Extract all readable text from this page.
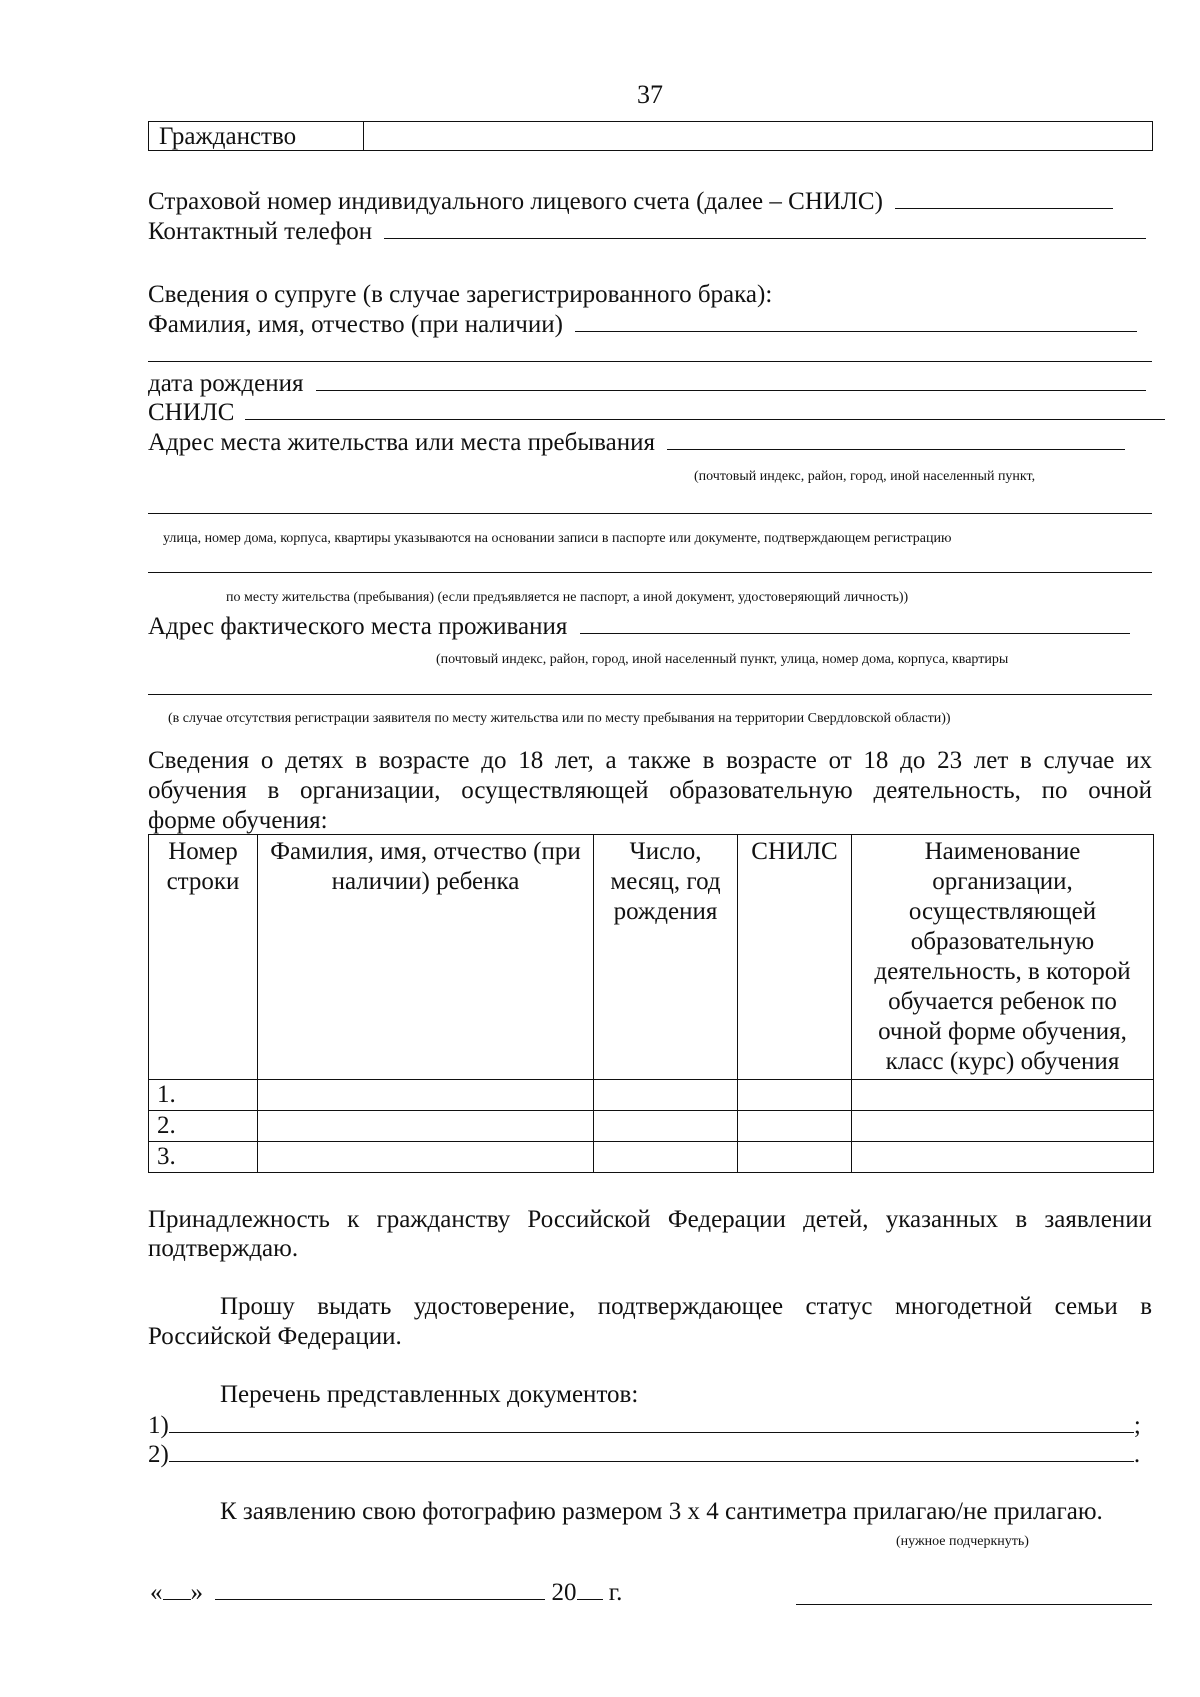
37
Гражданство
Страховой номер индивидуального лицевого счета (далее – СНИЛС)
Контактный телефон
Сведения о супруге (в случае зарегистрированного брака):
Фамилия, имя, отчество (при наличии)
дата рождения
СНИЛС
Адрес места жительства или места пребывания
(почтовый индекс, район, город, иной населенный пункт,
улица, номер дома, корпуса, квартиры указываются на основании записи в паспорте или документе, подтверждающем регистрацию
по месту жительства (пребывания) (если предъявляется не паспорт, а иной документ, удостоверяющий личность))
Адрес фактического места проживания
(почтовый индекс, район, город, иной населенный пункт, улица, номер дома, корпуса, квартиры
(в случае отсутствия регистрации заявителя по месту жительства или по месту пребывания на территории Свердловской области))
Сведения о детях в возрасте до 18 лет, а также в возрасте от 18 до 23 лет в случае их
обучения в организации, осуществляющей образовательную деятельность, по очной
форме обучения:
Номер строки	Фамилия, имя, отчество (при наличии) ребенка	Число, месяц, год рождения	СНИЛС	Наименование организации, осуществляющей образовательную деятельность, в которой обучается ребенок по очной форме обучения, класс (курс) обучения
1.				
2.				
3.				
Принадлежность к гражданству Российской Федерации детей, указанных в заявлении
подтверждаю.
Прошу выдать удостоверение, подтверждающее статус многодетной семьи в
Российской Федерации.
Перечень представленных документов:
1)	;
2)	.
К заявлению свою фотографию размером 3 х 4 сантиметра прилагаю/не прилагаю.
(нужное подчеркнуть)
« »	20 г.
